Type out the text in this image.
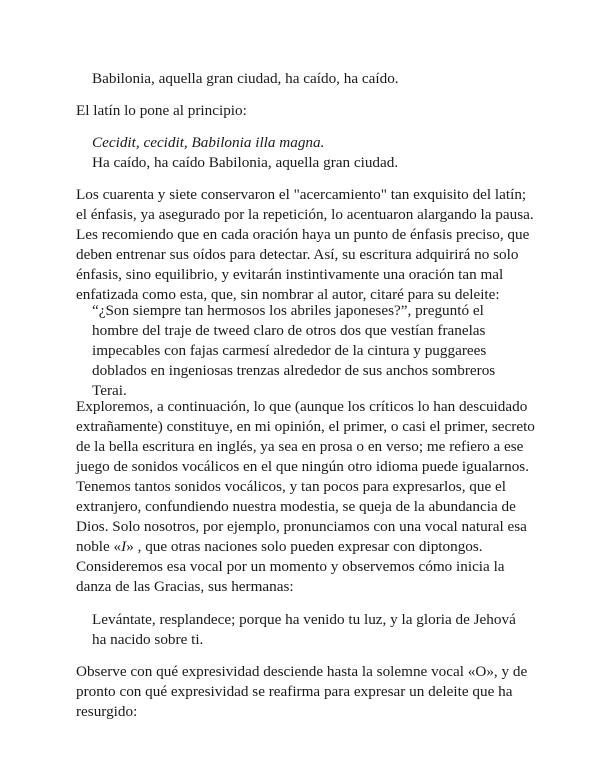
Babilonia, aquella gran ciudad, ha caído, ha caído.
El latín lo pone al principio:
Cecidit, cecidit, Babilonia illa magna.
Ha caído, ha caído Babilonia, aquella gran ciudad.
Los cuarenta y siete conservaron el "acercamiento" tan exquisito del latín;
el énfasis, ya asegurado por la repetición, lo acentuaron alargando la pausa.
Les recomiendo que en cada oración haya un punto de énfasis preciso, que
deben entrenar sus oídos para detectar. Así, su escritura adquirirá no solo
énfasis, sino equilibrio, y evitarán instintivamente una oración tan mal
enfatizada como esta, que, sin nombrar al autor, citaré para su deleite:
“¿Son siempre tan hermosos los abriles japoneses?”, preguntó el
hombre del traje de tweed claro de otros dos que vestían franelas
impecables con fajas carmesí alrededor de la cintura y puggarees
doblados en ingeniosas trenzas alrededor de sus anchos sombreros
Terai.
Exploremos, a continuación, lo que (aunque los críticos lo han descuidado
extrañamente) constituye, en mi opinión, el primer, o casi el primer, secreto
de la bella escritura en inglés, ya sea en prosa o en verso; me refiero a ese
juego de sonidos vocálicos en el que ningún otro idioma puede igualarnos.
Tenemos tantos sonidos vocálicos, y tan pocos para expresarlos, que el
extranjero, confundiendo nuestra modestia, se queja de la abundancia de
Dios. Solo nosotros, por ejemplo, pronunciamos con una vocal natural esa
noble «I» , que otras naciones solo pueden expresar con diptongos.
Consideremos esa vocal por un momento y observemos cómo inicia la
danza de las Gracias, sus hermanas:
Levántate, resplandece; porque ha venido tu luz, y la gloria de Jehová
ha nacido sobre ti.
Observe con qué expresividad desciende hasta la solemne vocal «O», y de
pronto con qué expresividad se reafirma para expresar un deleite que ha
resurgido:
